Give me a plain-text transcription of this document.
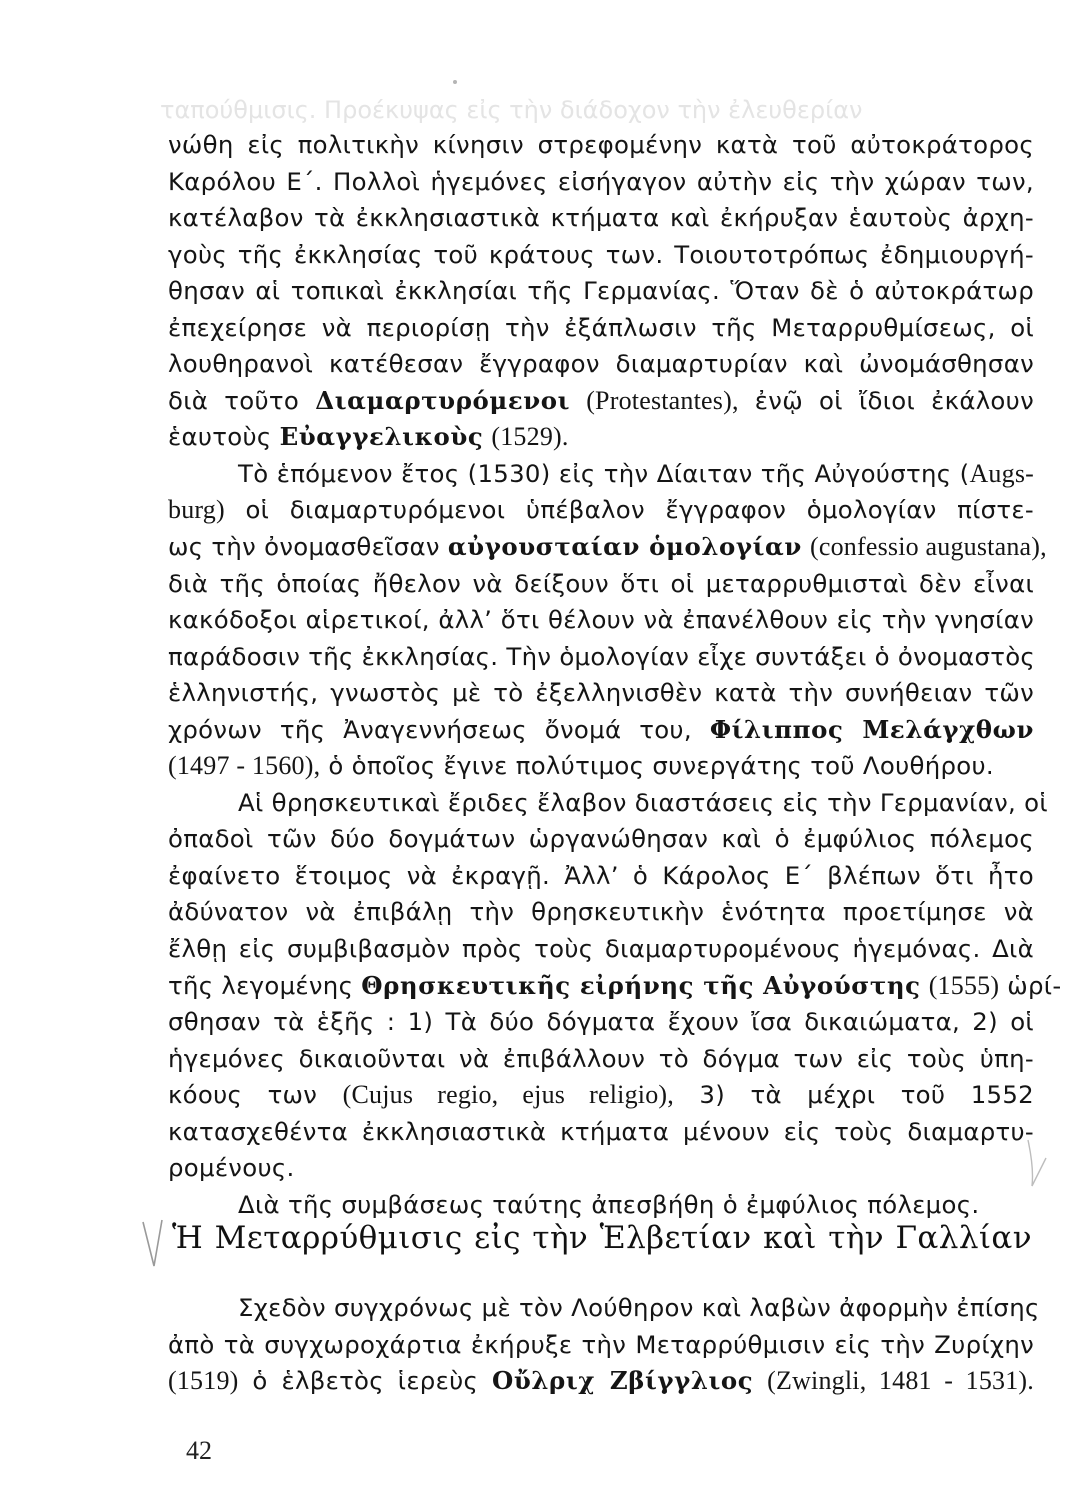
ταπούθμισις. Προέκυψας εἰς τὴν διάδοχον τὴν ἐλευθερίαν
νώθη εἰς πολιτικὴν κίνησιν στρεφομένην κατὰ τοῦ αὐτοκράτορος
Καρόλου Ε΄. Πολλοὶ ἡγεμόνες εἰσήγαγον αὐτὴν εἰς τὴν χώραν των,
κατέλαβον τὰ ἐκκλησιαστικὰ κτήματα καὶ ἐκήρυξαν ἑαυτοὺς ἀρχη-
γοὺς τῆς ἐκκλησίας τοῦ κράτους των. Τοιουτοτρόπως ἐδημιουργή-
θησαν αἱ τοπικαὶ ἐκκλησίαι τῆς Γερμανίας. Ὅταν δὲ ὁ αὐτοκράτωρ
ἐπεχείρησε νὰ περιορίσῃ τὴν ἐξάπλωσιν τῆς Μεταρρυθμίσεως, οἱ
λουθηρανοὶ κατέθεσαν ἔγγραφον διαμαρτυρίαν καὶ ὠνομάσθησαν
διὰ τοῦτο Διαμαρτυρόμενοι (Protestantes), ἐνῷ οἱ ἴδιοι ἐκάλουν
ἑαυτοὺς Εὐαγγελικοὺς (1529).
Τὸ ἑπόμενον ἔτος (1530) εἰς τὴν Δίαιταν τῆς Αὐγούστης (Augs-
burg) οἱ διαμαρτυρόμενοι ὑπέβαλον ἔγγραφον ὁμολογίαν πίστε-
ως τὴν ὀνομασθεῖσαν αὐγουσταίαν ὁμολογίαν (confessio augustana),
διὰ τῆς ὁποίας ἤθελον νὰ δείξουν ὅτι οἱ μεταρρυθμισταὶ δὲν εἶναι
κακόδοξοι αἱρετικοί, ἀλλ’ ὅτι θέλουν νὰ ἐπανέλθουν εἰς τὴν γνησίαν
παράδοσιν τῆς ἐκκλησίας. Τὴν ὁμολογίαν εἶχε συντάξει ὁ ὀνομαστὸς
ἑλληνιστής, γνωστὸς μὲ τὸ ἐξελληνισθὲν κατὰ τὴν συνήθειαν τῶν
χρόνων τῆς Ἀναγεννήσεως ὄνομά του, Φίλιππος Μελάγχθων
(1497 - 1560), ὁ ὁποῖος ἔγινε πολύτιμος συνεργάτης τοῦ Λουθήρου.
Αἱ θρησκευτικαὶ ἔριδες ἔλαβον διαστάσεις εἰς τὴν Γερμανίαν, οἱ
ὀπαδοὶ τῶν δύο δογμάτων ὡργανώθησαν καὶ ὁ ἐμφύλιος πόλεμος
ἐφαίνετο ἕτοιμος νὰ ἐκραγῇ. Ἀλλ’ ὁ Κάρολος Ε΄ βλέπων ὅτι ἦτο
ἀδύνατον νὰ ἐπιβάλῃ τὴν θρησκευτικὴν ἑνότητα προετίμησε νὰ
ἔλθῃ εἰς συμβιβασμὸν πρὸς τοὺς διαμαρτυρομένους ἡγεμόνας. Διὰ
τῆς λεγομένης Θρησκευτικῆς εἰρήνης τῆς Αὐγούστης (1555) ὡρί-
σθησαν τὰ ἑξῆς : 1) Τὰ δύο δόγματα ἔχουν ἴσα δικαιώματα, 2) οἱ
ἡγεμόνες δικαιοῦνται νὰ ἐπιβάλλουν τὸ δόγμα των εἰς τοὺς ὑπη-
κόους των (Cujus regio, ejus religio), 3) τὰ μέχρι τοῦ 1552
κατασχεθέντα ἐκκλησιαστικὰ κτήματα μένουν εἰς τοὺς διαμαρτυ-
ρομένους.
Διὰ τῆς συμβάσεως ταύτης ἀπεσβήθη ὁ ἐμφύλιος πόλεμος.
Ἡ Μεταρρύθμισις εἰς τὴν Ἑλβετίαν καὶ τὴν Γαλλίαν
Σχεδὸν συγχρόνως μὲ τὸν Λούθηρον καὶ λαβὼν ἀφορμὴν ἐπίσης
ἀπὸ τὰ συγχωροχάρτια ἐκήρυξε τὴν Μεταρρύθμισιν εἰς τὴν Ζυρίχην
(1519) ὁ ἑλβετὸς ἱερεὺς Οὔλριχ Ζβίγγλιος (Zwingli, 1481 - 1531).
42
